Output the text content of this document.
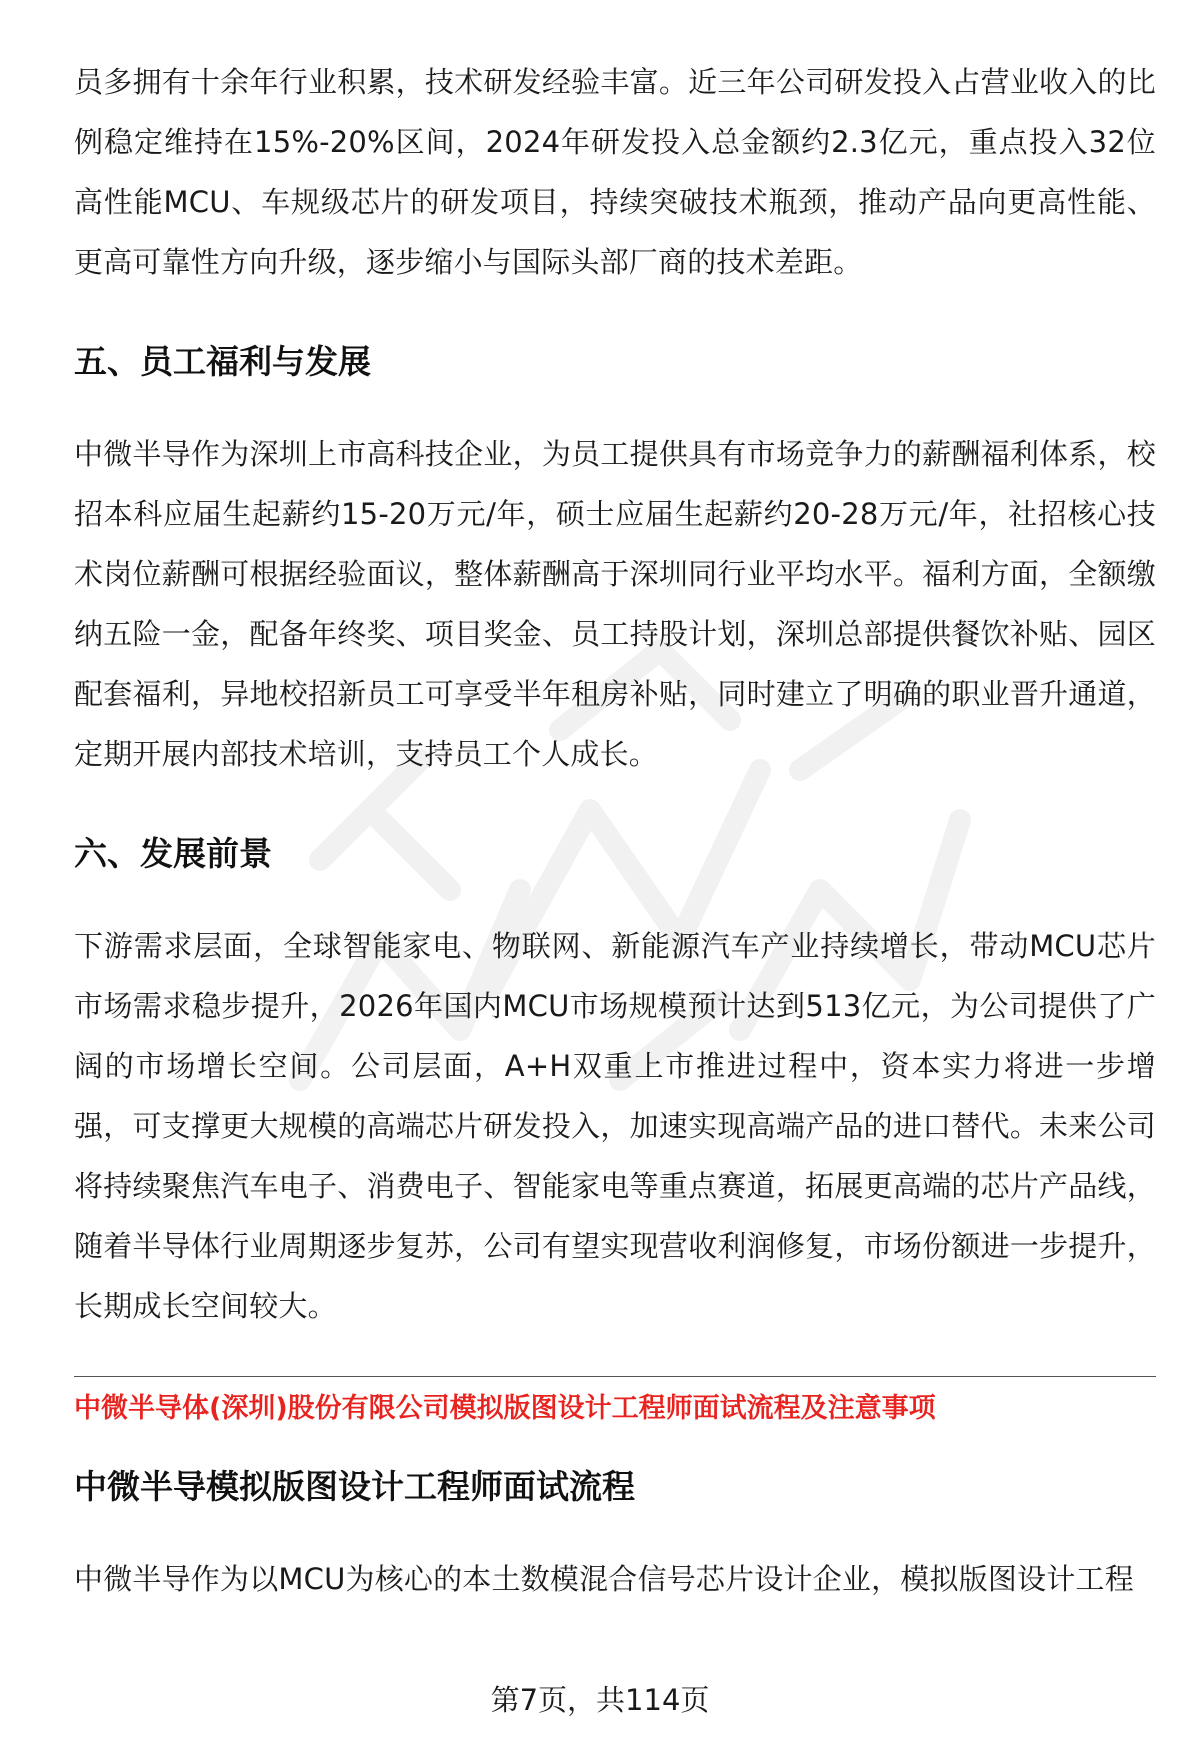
员多拥有十余年行业积累，技术研发经验丰富。近三年公司研发投入占营业收入的比例稳定维持在15%-20%区间，2024年研发投入总金额约2.3亿元，重点投入32位高性能MCU、车规级芯片的研发项目，持续突破技术瓶颈，推动产品向更高性能、更高可靠性方向升级，逐步缩小与国际头部厂商的技术差距。

五、员工福利与发展

中微半导作为深圳上市高科技企业，为员工提供具有市场竞争力的薪酬福利体系，校招本科应届生起薪约15-20万元/年，硕士应届生起薪约20-28万元/年，社招核心技术岗位薪酬可根据经验面议，整体薪酬高于深圳同行业平均水平。福利方面，全额缴纳五险一金，配备年终奖、项目奖金、员工持股计划，深圳总部提供餐饮补贴、园区配套福利，异地校招新员工可享受半年租房补贴，同时建立了明确的职业晋升通道，定期开展内部技术培训，支持员工个人成长。

六、发展前景

下游需求层面，全球智能家电、物联网、新能源汽车产业持续增长，带动MCU芯片市场需求稳步提升，2026年国内MCU市场规模预计达到513亿元，为公司提供了广阔的市场增长空间。公司层面，A+H双重上市推进过程中，资本实力将进一步增强，可支撑更大规模的高端芯片研发投入，加速实现高端产品的进口替代。未来公司将持续聚焦汽车电子、消费电子、智能家电等重点赛道，拓展更高端的芯片产品线，随着半导体行业周期逐步复苏，公司有望实现营收利润修复，市场份额进一步提升，长期成长空间较大。

中微半导体(深圳)股份有限公司模拟版图设计工程师面试流程及注意事项

中微半导模拟版图设计工程师面试流程

中微半导作为以MCU为核心的本土数模混合信号芯片设计企业，模拟版图设计工程

第7页，共114页
